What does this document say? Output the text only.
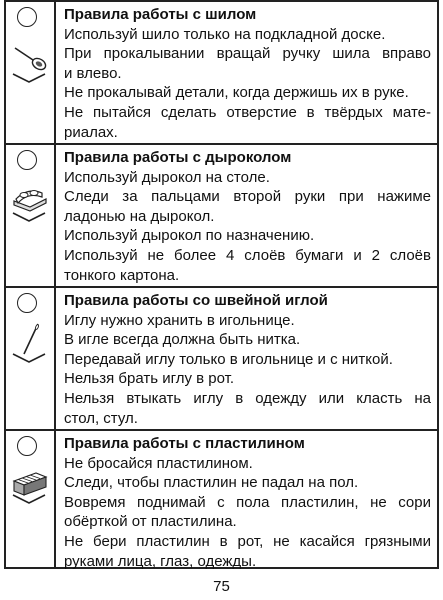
Правила работы с шилом
Используй шило только на подкладной доске.
При прокалывании вращай ручку шила вправо
и влево.
Не прокалывай детали, когда держишь их в руке.
Не пытайся сделать отверстие в твёрдых мате-
риалах.
Правила работы с дыроколом
Используй дырокол на столе.
Следи за пальцами второй руки при нажиме
ладонью на дырокол.
Используй дырокол по назначению.
Используй не более 4 слоёв бумаги и 2 слоёв
тонкого картона.
Правила работы со швейной иглой
Иглу нужно хранить в игольнице.
В игле всегда должна быть нитка.
Передавай иглу только в игольнице и с ниткой.
Нельзя брать иглу в рот.
Нельзя втыкать иглу в одежду или класть на
стол, стул.
Правила работы с пластилином
Не бросайся пластилином.
Следи, чтобы пластилин не падал на пол.
Вовремя поднимай с пола пластилин, не сори
обёрткой от пластилина.
Не бери пластилин в рот, не касайся грязными
руками лица, глаз, одежды.
75
